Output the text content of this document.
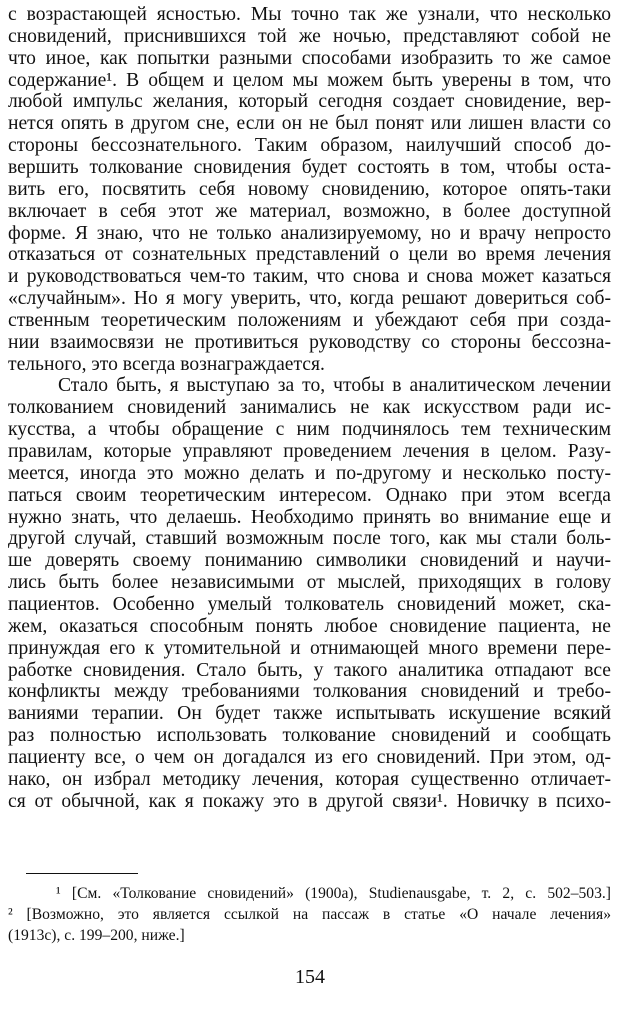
с возрастающей ясностью. Мы точно так же узнали, что несколько
сновидений, приснившихся той же ночью, представляют собой не
что иное, как попытки разными способами изобразить то же самое
содержание¹. В общем и целом мы можем быть уверены в том, что
любой импульс желания, который сегодня создает сновидение, вер-
нется опять в другом сне, если он не был понят или лишен власти со
стороны бессознательного. Таким образом, наилучший способ до-
вершить толкование сновидения будет состоять в том, чтобы оста-
вить его, посвятить себя новому сновидению, которое опять-таки
включает в себя этот же материал, возможно, в более доступной
форме. Я знаю, что не только анализируемому, но и врачу непросто
отказаться от сознательных представлений о цели во время лечения
и руководствоваться чем-то таким, что снова и снова может казаться
«случайным». Но я могу уверить, что, когда решают довериться соб-
ственным теоретическим положениям и убеждают себя при созда-
нии взаимосвязи не противиться руководству со стороны бессозна-
тельного, это всегда вознаграждается.
Стало быть, я выступаю за то, чтобы в аналитическом лечении
толкованием сновидений занимались не как искусством ради ис-
кусства, а чтобы обращение с ним подчинялось тем техническим
правилам, которые управляют проведением лечения в целом. Разу-
меется, иногда это можно делать и по-другому и несколько посту-
паться своим теоретическим интересом. Однако при этом всегда
нужно знать, что делаешь. Необходимо принять во внимание еще и
другой случай, ставший возможным после того, как мы стали боль-
ше доверять своему пониманию символики сновидений и научи-
лись быть более независимыми от мыслей, приходящих в голову
пациентов. Особенно умелый толкователь сновидений может, ска-
жем, оказаться способным понять любое сновидение пациента, не
принуждая его к утомительной и отнимающей много времени пере-
работке сновидения. Стало быть, у такого аналитика отпадают все
конфликты между требованиями толкования сновидений и требо-
ваниями терапии. Он будет также испытывать искушение всякий
раз полностью использовать толкование сновидений и сообщать
пациенту все, о чем он догадался из его сновидений. При этом, од-
нако, он избрал методику лечения, которая существенно отличает-
ся от обычной, как я покажу это в другой связи¹. Новичку в психо-
¹ [См. «Толкование сновидений» (1900a), Studienausgabe, т. 2, с. 502–503.]
² [Возможно, это является ссылкой на пассаж в статье «О начале лечения»
(1913c), с. 199–200, ниже.]
154
